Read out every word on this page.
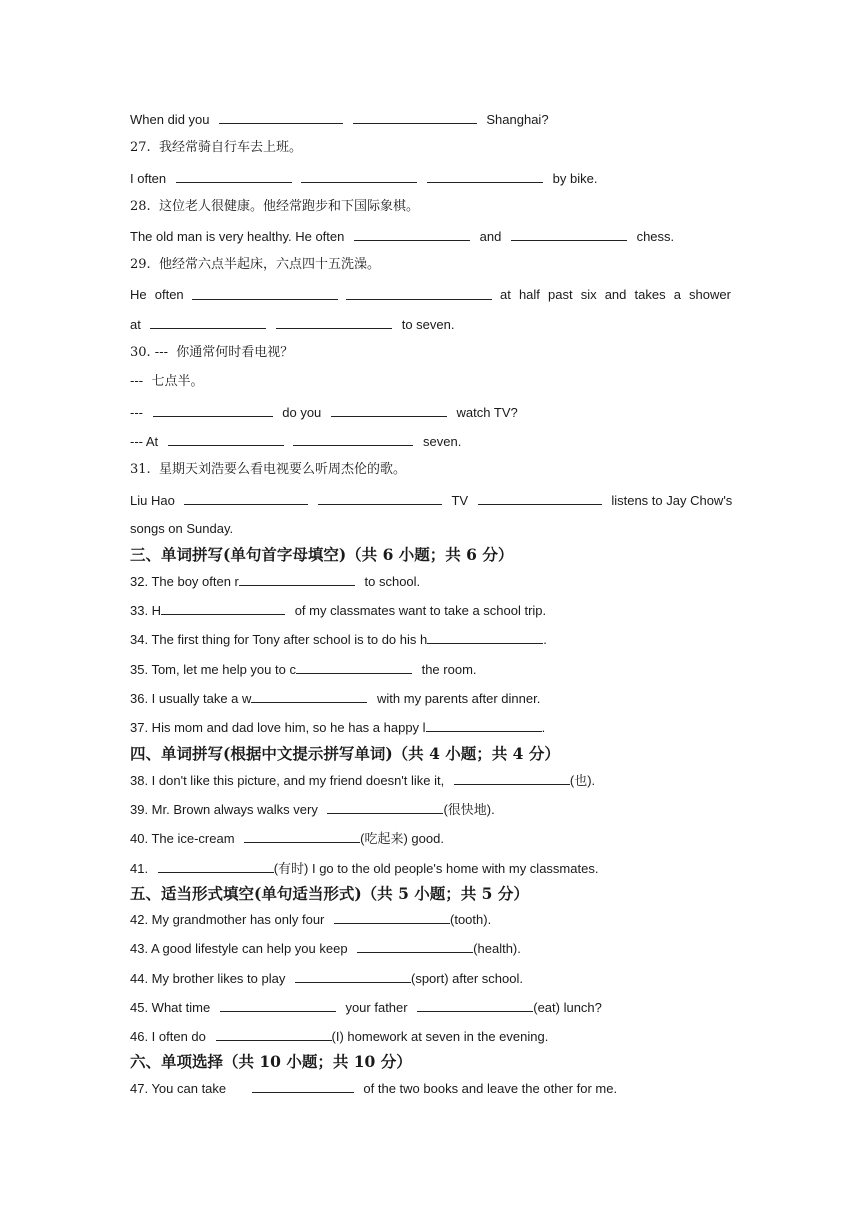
When did you	Shanghai?
27. 我经常骑自行车去上班。
I often	by bike.
28. 这位老人很健康。他经常跑步和下国际象棋。
The old man is very healthy. He often	and	chess.
29. 他经常六点半起床，六点四十五洗澡。
He often	at half past six and takes a shower
at	to seven.
30. --- 你通常何时看电视？
--- 七点半。
---	do you	watch TV?
--- At	seven.
31. 星期天刘浩要么看电视要么听周杰伦的歌。
Liu Hao	TV	listens to Jay Chow's
songs on Sunday.
三、单词拼写(单句首字母填空)（共 6 小题；共 6 分）
32. The boy often r	to school.
33. H	of my classmates want to take a school trip.
34. The first thing for Tony after school is to do his h	.
35. Tom, let me help you to c	the room.
36. I usually take a w	with my parents after dinner.
37. His mom and dad love him, so he has a happy l	.
四、单词拼写(根据中文提示拼写单词)（共 4 小题；共 4 分）
38. I don't like this picture, and my friend doesn't like it,	(也).
39. Mr. Brown always walks very	(很快地).
40. The ice-cream	(吃起来) good.
41.	(有时) I go to the old people's home with my classmates.
五、适当形式填空(单句适当形式)（共 5 小题；共 5 分）
42. My grandmother has only four	(tooth).
43. A good lifestyle can help you keep	(health).
44. My brother likes to play	(sport) after school.
45. What time	your father	(eat) lunch?
46. I often do	(I) homework at seven in the evening.
六、单项选择（共 10 小题；共 10 分）
47. You can take	of the two books and leave the other for me.
